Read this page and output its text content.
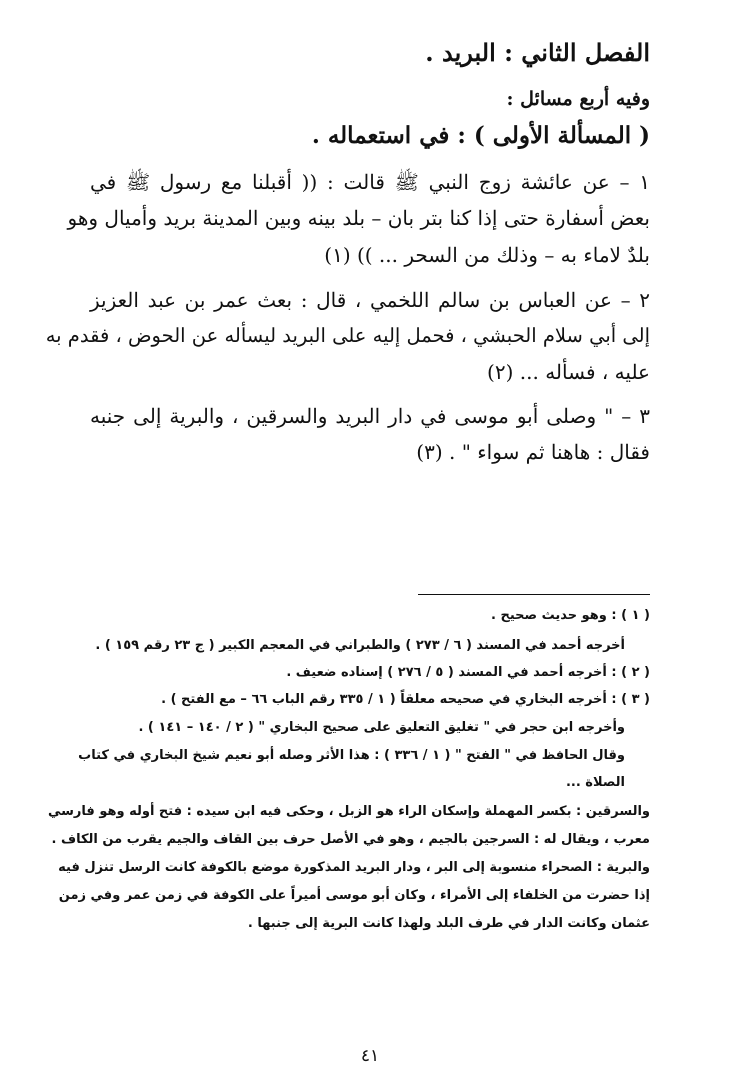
الفصل الثاني : البريد .
وفيه أربع مسائل :
( المسألة الأولى ) : في استعماله .
١ – عن عائشة زوج النبي ﷺ قالت : (( أقبلنا مع رسول ﷺ في
بعض أسفارة حتى إذا كنا بتر بان – بلد بينه وبين المدينة بريد وأميال وهو
بلدٌ لاماء به – وذلك من السحر ... )) (١)
٢ – عن العباس بن سالم اللخمي ، قال : بعث عمر بن عبد العزيز
إلى أبي سلام الحبشي ، فحمل إليه على البريد ليسأله عن الحوض ، فقدم به
عليه ، فسأله ... (٢)
٣ – " وصلى أبو موسى في دار البريد والسرقين ، والبرية إلى جنبه
فقال : هاهنا ثم سواء " . (٣)
( ١ ) : وهو حديث صحيح .
أخرجه أحمد في المسند ( ٦ / ٢٧٣ ) والطبراني في المعجم الكبير ( ج ٢٣ رقم ١٥٩ ) .
( ٢ ) : أخرجه أحمد في المسند ( ٥ / ٢٧٦ ) إسناده ضعيف .
( ٣ ) : أخرجه البخاري في صحيحه معلقاً ( ١ / ٣٣٥ رقم الباب ٦٦ – مع الفتح ) .
وأخرجه ابن حجر في " تغليق التعليق على صحيح البخاري " ( ٢ / ١٤٠ – ١٤١ ) .
وقال الحافظ في " الفتح " ( ١ / ٣٣٦ ) : هذا الأثر وصله أبو نعيم شيخ البخاري في كتاب
الصلاة ...
والسرقين : بكسر المهملة وإسكان الراء هو الزبل ، وحكى فيه ابن سيده : فتح أوله وهو فارسي
معرب ، ويقال له : السرجين بالجيم ، وهو في الأصل حرف بين القاف والجيم يقرب من الكاف .
والبرية : الصحراء منسوبة إلى البر ، ودار البريد المذكورة موضع بالكوفة كانت الرسل تنزل فيه
إذا حضرت من الخلفاء إلى الأمراء ، وكان أبو موسى أميراً على الكوفة في زمن عمر وفي زمن
عثمان وكانت الدار في طرف البلد ولهذا كانت البرية إلى جنبها .
٤١
